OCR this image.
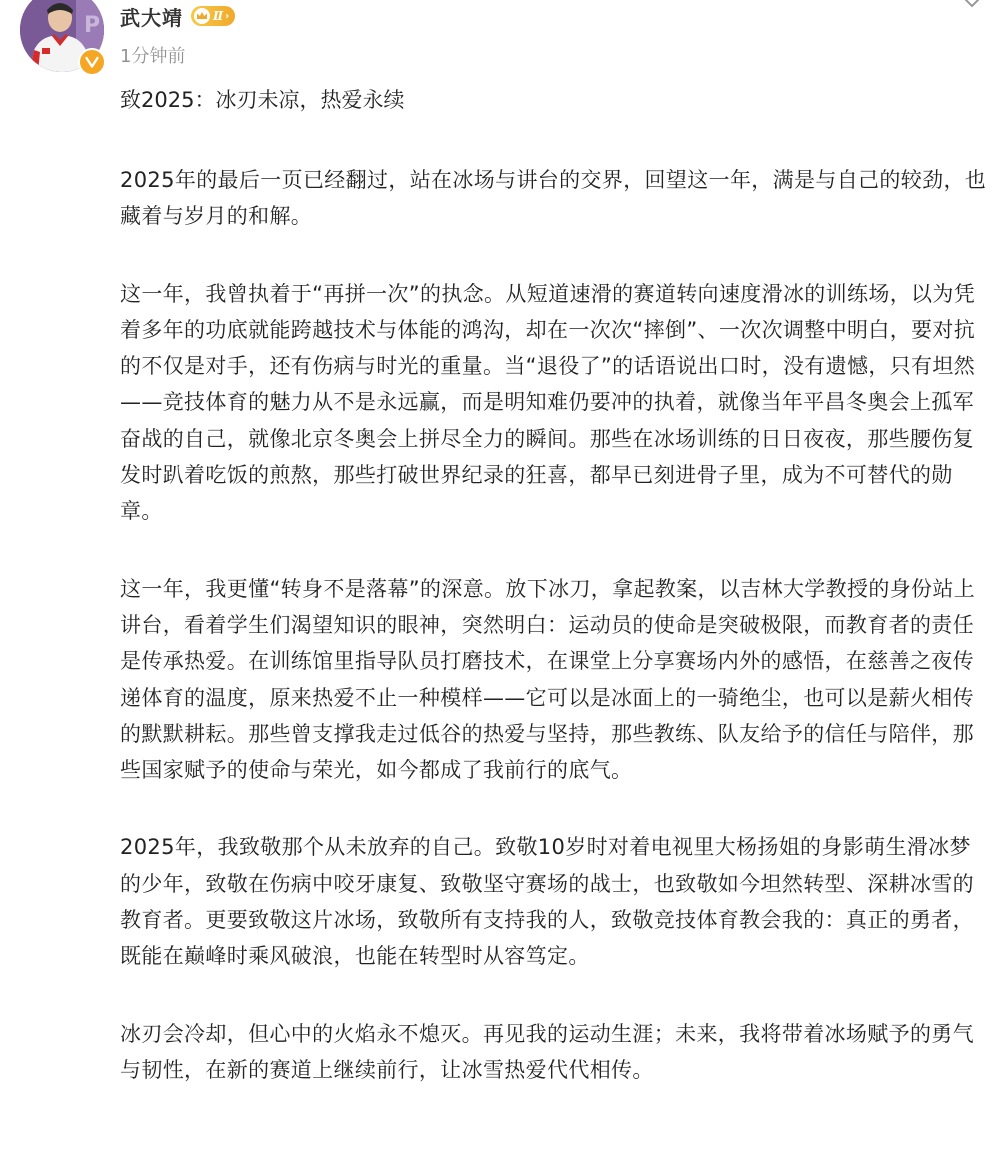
P 武大靖	Ⅱ ›
1分钟前

致2025：冰刃未凉，热爱永续

2025年的最后一页已经翻过，站在冰场与讲台的交界，回望这一年，满是与自己的较劲，也藏着与岁月的和解。

这一年，我曾执着于“再拼一次”的执念。从短道速滑的赛道转向速度滑冰的训练场，以为凭着多年的功底就能跨越技术与体能的鸿沟，却在一次次“摔倒”、一次次调整中明白，要对抗的不仅是对手，还有伤病与时光的重量。当“退役了”的话语说出口时，没有遗憾，只有坦然——竞技体育的魅力从不是永远赢，而是明知难仍要冲的执着，就像当年平昌冬奥会上孤军奋战的自己，就像北京冬奥会上拼尽全力的瞬间。那些在冰场训练的日日夜夜，那些腰伤复发时趴着吃饭的煎熬，那些打破世界纪录的狂喜，都早已刻进骨子里，成为不可替代的勋章。

这一年，我更懂“转身不是落幕”的深意。放下冰刀，拿起教案，以吉林大学教授的身份站上讲台，看着学生们渴望知识的眼神，突然明白：运动员的使命是突破极限，而教育者的责任是传承热爱。在训练馆里指导队员打磨技术，在课堂上分享赛场内外的感悟，在慈善之夜传递体育的温度，原来热爱不止一种模样——它可以是冰面上的一骑绝尘，也可以是薪火相传的默默耕耘。那些曾支撑我走过低谷的热爱与坚持，那些教练、队友给予的信任与陪伴，那些国家赋予的使命与荣光，如今都成了我前行的底气。

2025年，我致敬那个从未放弃的自己。致敬10岁时对着电视里大杨扬姐的身影萌生滑冰梦的少年，致敬在伤病中咬牙康复、致敬坚守赛场的战士，也致敬如今坦然转型、深耕冰雪的教育者。更要致敬这片冰场，致敬所有支持我的人，致敬竞技体育教会我的：真正的勇者，既能在巅峰时乘风破浪，也能在转型时从容笃定。

冰刃会冷却，但心中的火焰永不熄灭。再见我的运动生涯；未来，我将带着冰场赋予的勇气与韧性，在新的赛道上继续前行，让冰雪热爱代代相传。
